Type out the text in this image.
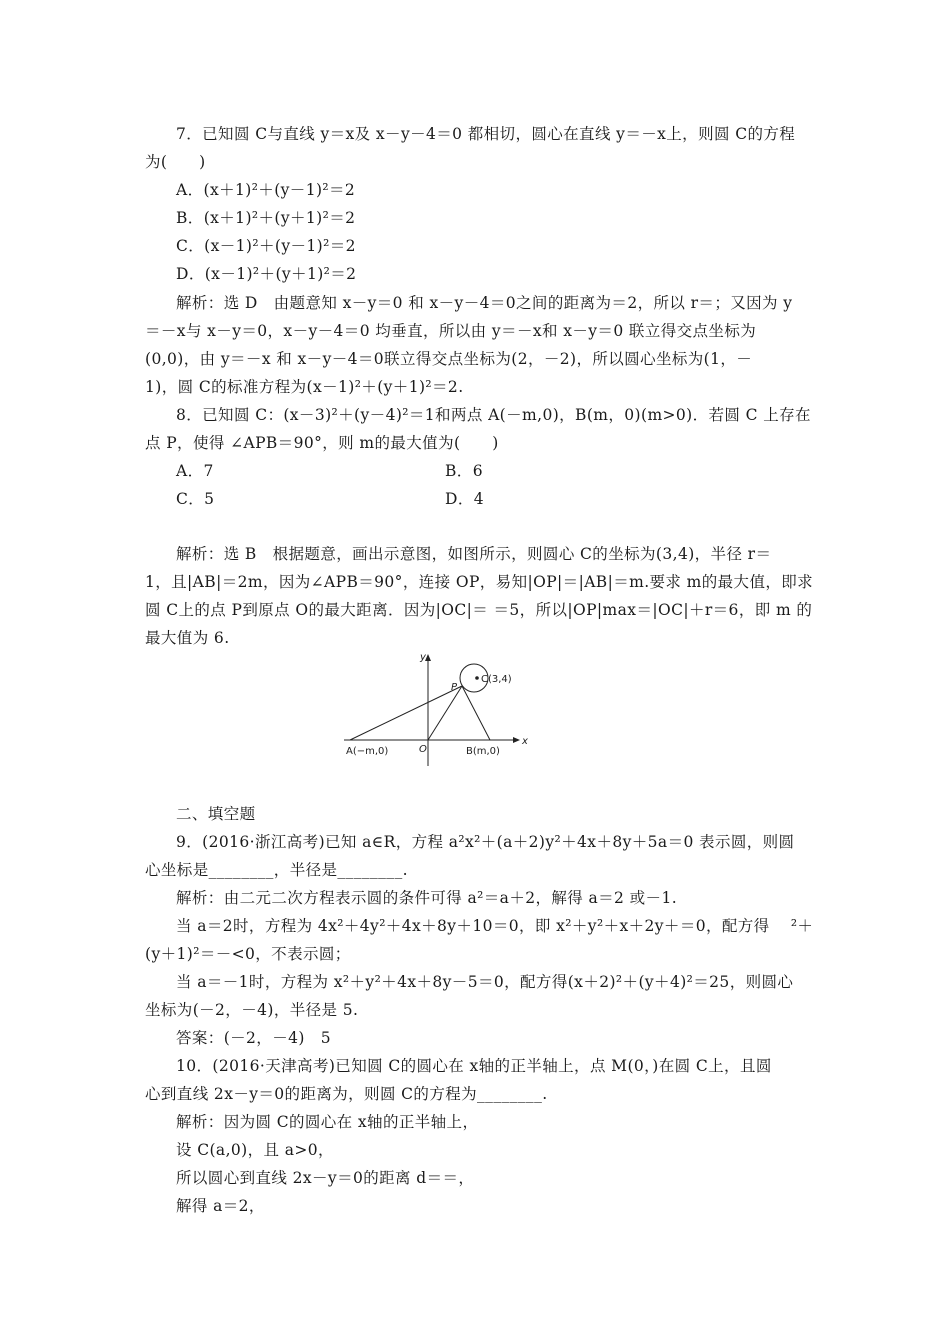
7．已知圆 C与直线 y＝x及 x－y－4＝0 都相切，圆心在直线 y＝－x上，则圆 C的方程
为(　　)
A．(x＋1)²＋(y－1)²＝2
B．(x＋1)²＋(y＋1)²＝2
C．(x－1)²＋(y－1)²＝2
D．(x－1)²＋(y＋1)²＝2
解析：选 D　由题意知 x－y＝0 和 x－y－4＝0之间的距离为＝2，所以 r＝；又因为 y
＝－x与 x－y＝0，x－y－4＝0 均垂直，所以由 y＝－x和 x－y＝0 联立得交点坐标为
(0,0)，由 y＝－x 和 x－y－4＝0联立得交点坐标为(2，－2)，所以圆心坐标为(1，－
1)，圆 C的标准方程为(x－1)²＋(y＋1)²＝2.
8．已知圆 C：(x－3)²＋(y－4)²＝1和两点 A(－m,0)，B(m，0)(m>0)．若圆 C 上存在
点 P，使得 ∠APB＝90°，则 m的最大值为(　　)
A．7	B．6
C．5	D．4
解析：选 B　根据题意，画出示意图，如图所示，则圆心 C的坐标为(3,4)，半径 r＝
1，且|AB|＝2m，因为∠APB＝90°，连接 OP，易知|OP|＝|AB|＝m.要求 m的最大值，即求
圆 C上的点 P到原点 O的最大距离．因为|OC|＝ ＝5，所以|OP|max＝|OC|＋r＝6，即 m 的
最大值为 6.
y
x
O
P
C(3,4)
A(−m,0)	B(m,0)
二、填空题
9．(2016·浙江高考)已知 a∈R，方程 a²x²＋(a＋2)y²＋4x＋8y＋5a＝0 表示圆，则圆
心坐标是________，半径是________.
解析：由二元二次方程表示圆的条件可得 a²＝a＋2，解得 a＝2 或－1.
当 a＝2时，方程为 4x²＋4y²＋4x＋8y＋10＝0，即 x²＋y²＋x＋2y＋＝0，配方得　 ²＋
(y＋1)²＝－<0，不表示圆；
当 a＝－1时，方程为 x²＋y²＋4x＋8y－5＝0，配方得(x＋2)²＋(y＋4)²＝25，则圆心
坐标为(－2，－4)，半径是 5.
答案：(－2，－4)　5
10．(2016·天津高考)已知圆 C的圆心在 x轴的正半轴上，点 M(0，)在圆 C上，且圆
心到直线 2x－y＝0的距离为，则圆 C的方程为________.
解析：因为圆 C的圆心在 x轴的正半轴上，
设 C(a,0)，且 a>0，
所以圆心到直线 2x－y＝0的距离 d＝＝，
解得 a＝2，
